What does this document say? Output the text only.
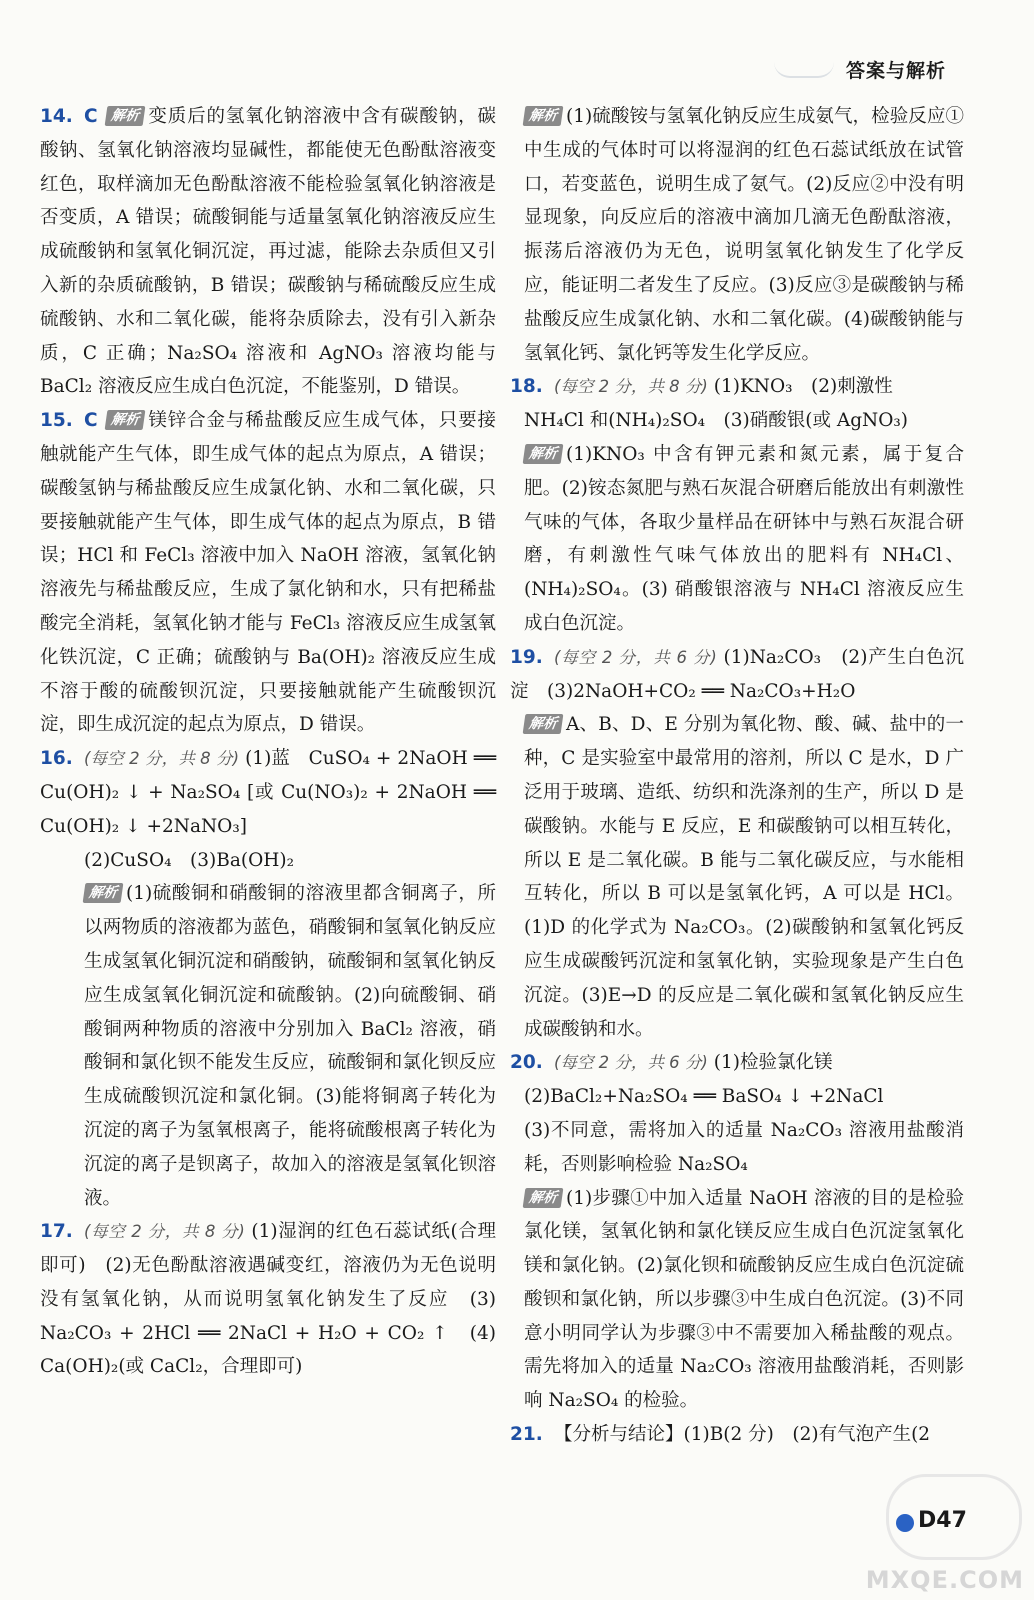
答案与解析

14. C 解析 变质后的氢氧化钠溶液中含有碳酸钠，碳酸钠、氢氧化钠溶液均显碱性，都能使无色酚酞溶液变红色，取样滴加无色酚酞溶液不能检验氢氧化钠溶液是否变质，A 错误；硫酸铜能与适量氢氧化钠溶液反应生成硫酸钠和氢氧化铜沉淀，再过滤，能除去杂质但又引入新的杂质硫酸钠，B 错误；碳酸钠与稀硫酸反应生成硫酸钠、水和二氧化碳，能将杂质除去，没有引入新杂质，C 正确；Na₂SO₄ 溶液和 AgNO₃ 溶液均能与 BaCl₂ 溶液反应生成白色沉淀，不能鉴别，D 错误。

15. C 解析 镁锌合金与稀盐酸反应生成气体，只要接触就能产生气体，即生成气体的起点为原点，A 错误；碳酸氢钠与稀盐酸反应生成氯化钠、水和二氧化碳，只要接触就能产生气体，即生成气体的起点为原点，B 错误；HCl 和 FeCl₃ 溶液中加入 NaOH 溶液，氢氧化钠溶液先与稀盐酸反应，生成了氯化钠和水，只有把稀盐酸完全消耗，氢氧化钠才能与 FeCl₃ 溶液反应生成氢氧化铁沉淀，C 正确；硫酸钠与 Ba(OH)₂ 溶液反应生成不溶于酸的硫酸钡沉淀，只要接触就能产生硫酸钡沉淀，即生成沉淀的起点为原点，D 错误。

16. (每空 2 分，共 8 分) (1)蓝　CuSO₄ + 2NaOH ══ Cu(OH)₂ ↓ + Na₂SO₄ [或 Cu(NO₃)₂ + 2NaOH ══ Cu(OH)₂ ↓ +2NaNO₃]

(2)CuSO₄　(3)Ba(OH)₂

解析 (1)硫酸铜和硝酸铜的溶液里都含铜离子，所以两物质的溶液都为蓝色，硝酸铜和氢氧化钠反应生成氢氧化铜沉淀和硝酸钠，硫酸铜和氢氧化钠反应生成氢氧化铜沉淀和硫酸钠。(2)向硫酸铜、硝酸铜两种物质的溶液中分别加入 BaCl₂ 溶液，硝酸铜和氯化钡不能发生反应，硫酸铜和氯化钡反应生成硫酸钡沉淀和氯化铜。(3)能将铜离子转化为沉淀的离子为氢氧根离子，能将硫酸根离子转化为沉淀的离子是钡离子，故加入的溶液是氢氧化钡溶液。

17. (每空 2 分，共 8 分) (1)湿润的红色石蕊试纸(合理即可)　(2)无色酚酞溶液遇碱变红，溶液仍为无色说明没有氢氧化钠，从而说明氢氧化钠发生了反应　(3) Na₂CO₃ + 2HCl ══ 2NaCl + H₂O + CO₂ ↑　(4) Ca(OH)₂(或 CaCl₂，合理即可)

解析 (1)硫酸铵与氢氧化钠反应生成氨气，检验反应①中生成的气体时可以将湿润的红色石蕊试纸放在试管口，若变蓝色，说明生成了氨气。(2)反应②中没有明显现象，向反应后的溶液中滴加几滴无色酚酞溶液，振荡后溶液仍为无色，说明氢氧化钠发生了化学反应，能证明二者发生了反应。(3)反应③是碳酸钠与稀盐酸反应生成氯化钠、水和二氧化碳。(4)碳酸钠能与氢氧化钙、氯化钙等发生化学反应。

18. (每空 2 分，共 8 分) (1)KNO₃　(2)刺激性

NH₄Cl 和(NH₄)₂SO₄　(3)硝酸银(或 AgNO₃)

解析 (1)KNO₃ 中含有钾元素和氮元素，属于复合肥。(2)铵态氮肥与熟石灰混合研磨后能放出有刺激性气味的气体，各取少量样品在研钵中与熟石灰混合研磨，有刺激性气味气体放出的肥料有 NH₄Cl、(NH₄)₂SO₄。(3) 硝酸银溶液与 NH₄Cl 溶液反应生成白色沉淀。

19. (每空 2 分，共 6 分) (1)Na₂CO₃　(2)产生白色沉淀　(3)2NaOH+CO₂ ══ Na₂CO₃+H₂O

解析 A、B、D、E 分别为氧化物、酸、碱、盐中的一种，C 是实验室中最常用的溶剂，所以 C 是水，D 广泛用于玻璃、造纸、纺织和洗涤剂的生产，所以 D 是碳酸钠。水能与 E 反应，E 和碳酸钠可以相互转化，所以 E 是二氧化碳。B 能与二氧化碳反应，与水能相互转化，所以 B 可以是氢氧化钙，A 可以是 HCl。(1)D 的化学式为 Na₂CO₃。(2)碳酸钠和氢氧化钙反应生成碳酸钙沉淀和氢氧化钠，实验现象是产生白色沉淀。(3)E→D 的反应是二氧化碳和氢氧化钠反应生成碳酸钠和水。

20. (每空 2 分，共 6 分) (1)检验氯化镁

(2)BaCl₂+Na₂SO₄ ══ BaSO₄ ↓ +2NaCl

(3)不同意，需将加入的适量 Na₂CO₃ 溶液用盐酸消耗，否则影响检验 Na₂SO₄

解析 (1)步骤①中加入适量 NaOH 溶液的目的是检验氯化镁，氢氧化钠和氯化镁反应生成白色沉淀氢氧化镁和氯化钠。(2)氯化钡和硫酸钠反应生成白色沉淀硫酸钡和氯化钠，所以步骤③中生成白色沉淀。(3)不同意小明同学认为步骤③中不需要加入稀盐酸的观点。需先将加入的适量 Na₂CO₃ 溶液用盐酸消耗，否则影响 Na₂SO₄ 的检验。

21. 【分析与结论】(1)B(2 分)　(2)有气泡产生(2

D47
MXQE.COM
